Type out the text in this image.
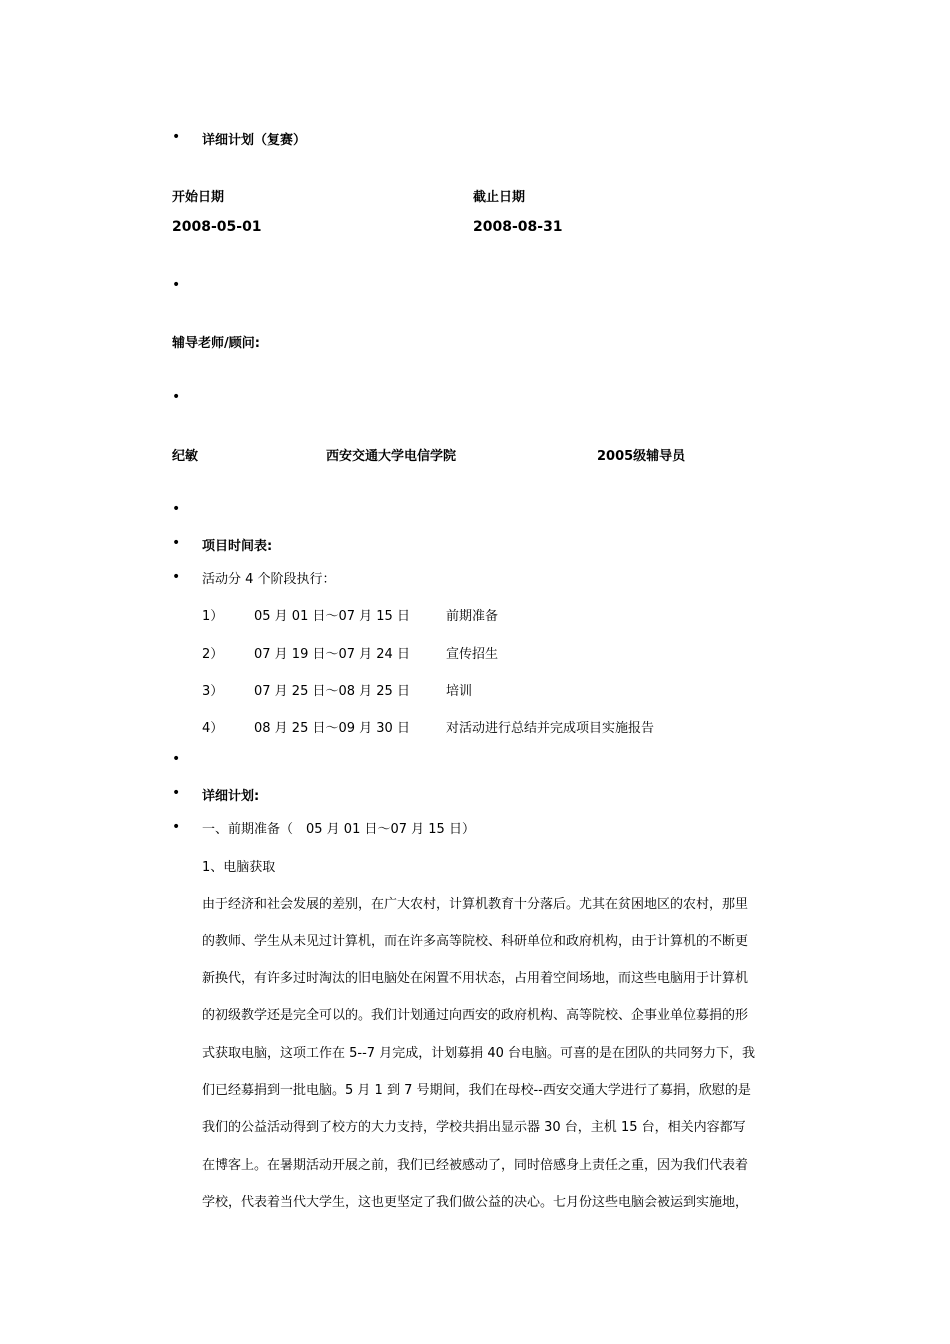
• 详细计划（复赛）
开始日期	截止日期
2008-05-01	2008-08-31
•
辅导老师/顾问:
•
纪敏	西安交通大学电信学院	2005级辅导员
•
• 项目时间表:
• 活动分 4 个阶段执行：
1） 05 月 01 日～07 月 15 日	前期准备
2） 07 月 19 日～07 月 24 日	宣传招生
3） 07 月 25 日～08 月 25 日	培训
4） 08 月 25 日～09 月 30 日	对活动进行总结并完成项目实施报告
•
• 详细计划:
• 一、前期准备（　05 月 01 日～07 月 15 日）
1、电脑获取
由于经济和社会发展的差别，在广大农村，计算机教育十分落后。尤其在贫困地区的农村，那里
的教师、学生从未见过计算机，而在许多高等院校、科研单位和政府机构，由于计算机的不断更
新换代，有许多过时淘汰的旧电脑处在闲置不用状态，占用着空间场地，而这些电脑用于计算机
的初级教学还是完全可以的。我们计划通过向西安的政府机构、高等院校、企事业单位募捐的形
式获取电脑，这项工作在 5--7 月完成，计划募捐 40 台电脑。可喜的是在团队的共同努力下，我
们已经募捐到一批电脑。5 月 1 到 7 号期间，我们在母校--西安交通大学进行了募捐，欣慰的是
我们的公益活动得到了校方的大力支持，学校共捐出显示器 30 台，主机 15 台，相关内容都写
在博客上。在暑期活动开展之前，我们已经被感动了，同时倍感身上责任之重，因为我们代表着
学校，代表着当代大学生，这也更坚定了我们做公益的决心。七月份这些电脑会被运到实施地，
